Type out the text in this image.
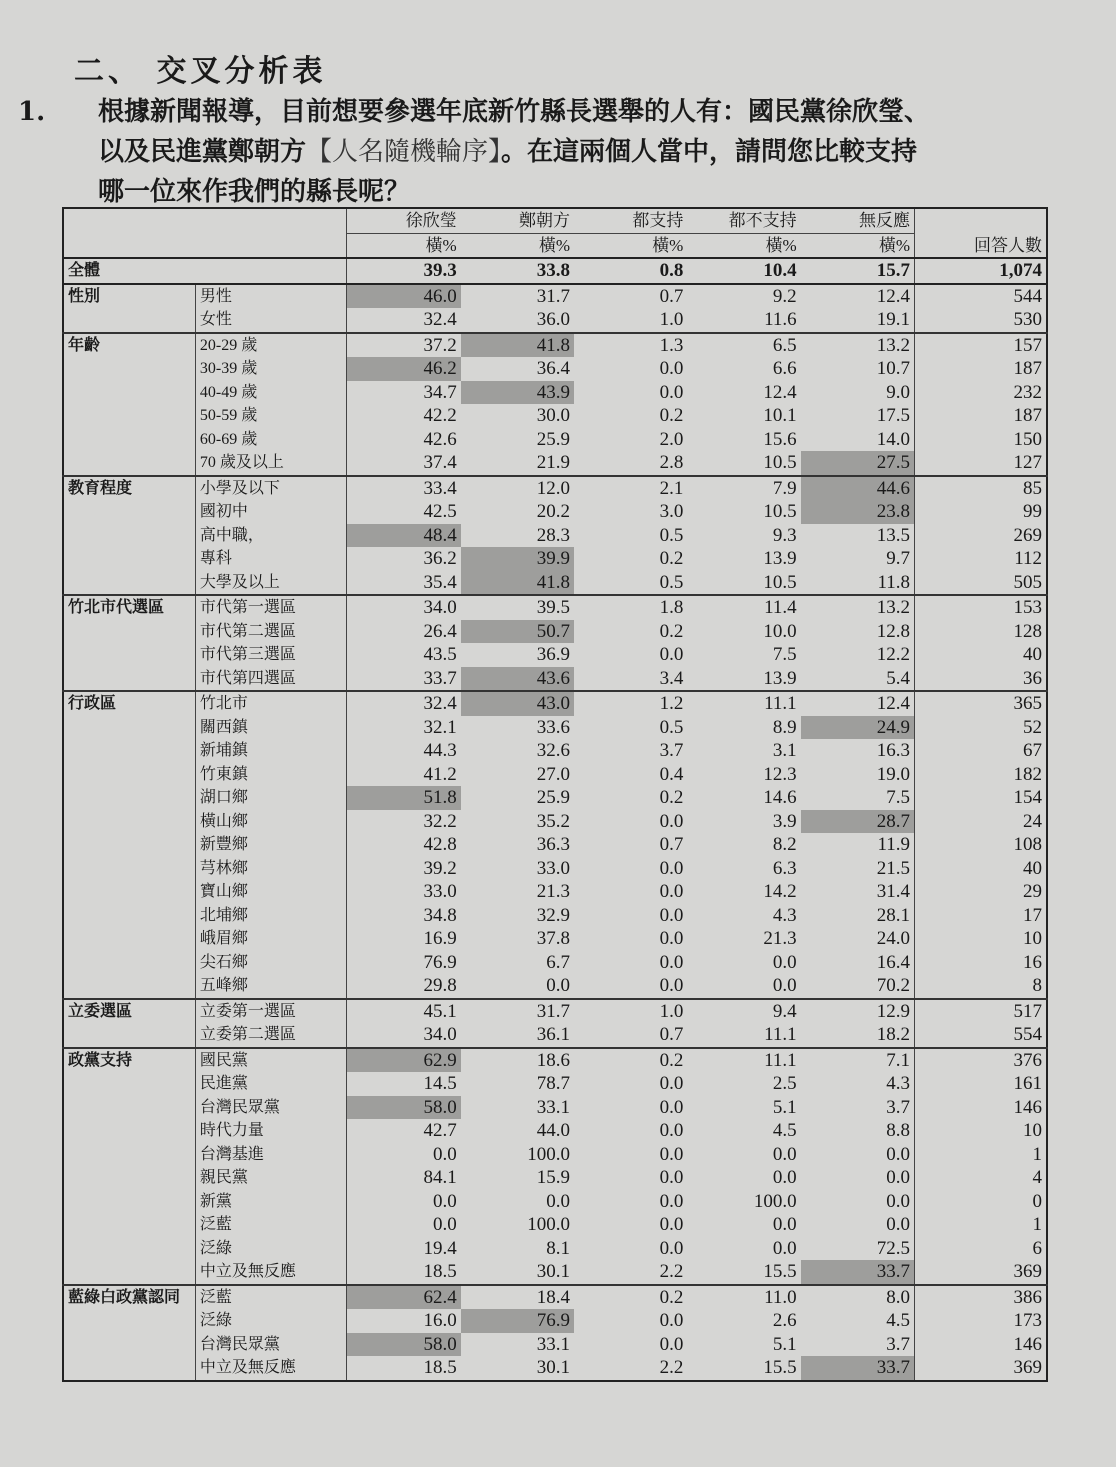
二、 交叉分析表
1. 根據新聞報導，目前想要參選年底新竹縣長選舉的人有：國民黨徐欣瑩、
以及民進黨鄭朝方【人名隨機輪序】。在這兩個人當中，請問您比較支持
哪一位來作我們的縣長呢？
		徐欣瑩	鄭朝方	都支持	都不支持	無反應	回答人數
		橫%	橫%	橫%	橫%	橫%	
全體		39.3	33.8	0.8	10.4	15.7	1,074
性別	男性	46.0	31.7	0.7	9.2	12.4	544
	女性	32.4	36.0	1.0	11.6	19.1	530
年齡	20-29 歲	37.2	41.8	1.3	6.5	13.2	157
	30-39 歲	46.2	36.4	0.0	6.6	10.7	187
	40-49 歲	34.7	43.9	0.0	12.4	9.0	232
	50-59 歲	42.2	30.0	0.2	10.1	17.5	187
	60-69 歲	42.6	25.9	2.0	15.6	14.0	150
	70 歲及以上	37.4	21.9	2.8	10.5	27.5	127
教育程度	小學及以下	33.4	12.0	2.1	7.9	44.6	85
	國初中	42.5	20.2	3.0	10.5	23.8	99
	高中職，	48.4	28.3	0.5	9.3	13.5	269
	專科	36.2	39.9	0.2	13.9	9.7	112
	大學及以上	35.4	41.8	0.5	10.5	11.8	505
竹北市代選區	市代第一選區	34.0	39.5	1.8	11.4	13.2	153
	市代第二選區	26.4	50.7	0.2	10.0	12.8	128
	市代第三選區	43.5	36.9	0.0	7.5	12.2	40
	市代第四選區	33.7	43.6	3.4	13.9	5.4	36
行政區	竹北市	32.4	43.0	1.2	11.1	12.4	365
	關西鎮	32.1	33.6	0.5	8.9	24.9	52
	新埔鎮	44.3	32.6	3.7	3.1	16.3	67
	竹東鎮	41.2	27.0	0.4	12.3	19.0	182
	湖口鄉	51.8	25.9	0.2	14.6	7.5	154
	橫山鄉	32.2	35.2	0.0	3.9	28.7	24
	新豐鄉	42.8	36.3	0.7	8.2	11.9	108
	芎林鄉	39.2	33.0	0.0	6.3	21.5	40
	寶山鄉	33.0	21.3	0.0	14.2	31.4	29
	北埔鄉	34.8	32.9	0.0	4.3	28.1	17
	峨眉鄉	16.9	37.8	0.0	21.3	24.0	10
	尖石鄉	76.9	6.7	0.0	0.0	16.4	16
	五峰鄉	29.8	0.0	0.0	0.0	70.2	8
立委選區	立委第一選區	45.1	31.7	1.0	9.4	12.9	517
	立委第二選區	34.0	36.1	0.7	11.1	18.2	554
政黨支持	國民黨	62.9	18.6	0.2	11.1	7.1	376
	民進黨	14.5	78.7	0.0	2.5	4.3	161
	台灣民眾黨	58.0	33.1	0.0	5.1	3.7	146
	時代力量	42.7	44.0	0.0	4.5	8.8	10
	台灣基進	0.0	100.0	0.0	0.0	0.0	1
	親民黨	84.1	15.9	0.0	0.0	0.0	4
	新黨	0.0	0.0	0.0	100.0	0.0	0
	泛藍	0.0	100.0	0.0	0.0	0.0	1
	泛綠	19.4	8.1	0.0	0.0	72.5	6
	中立及無反應	18.5	30.1	2.2	15.5	33.7	369
藍綠白政黨認同	泛藍	62.4	18.4	0.2	11.0	8.0	386
	泛綠	16.0	76.9	0.0	2.6	4.5	173
	台灣民眾黨	58.0	33.1	0.0	5.1	3.7	146
	中立及無反應	18.5	30.1	2.2	15.5	33.7	369
